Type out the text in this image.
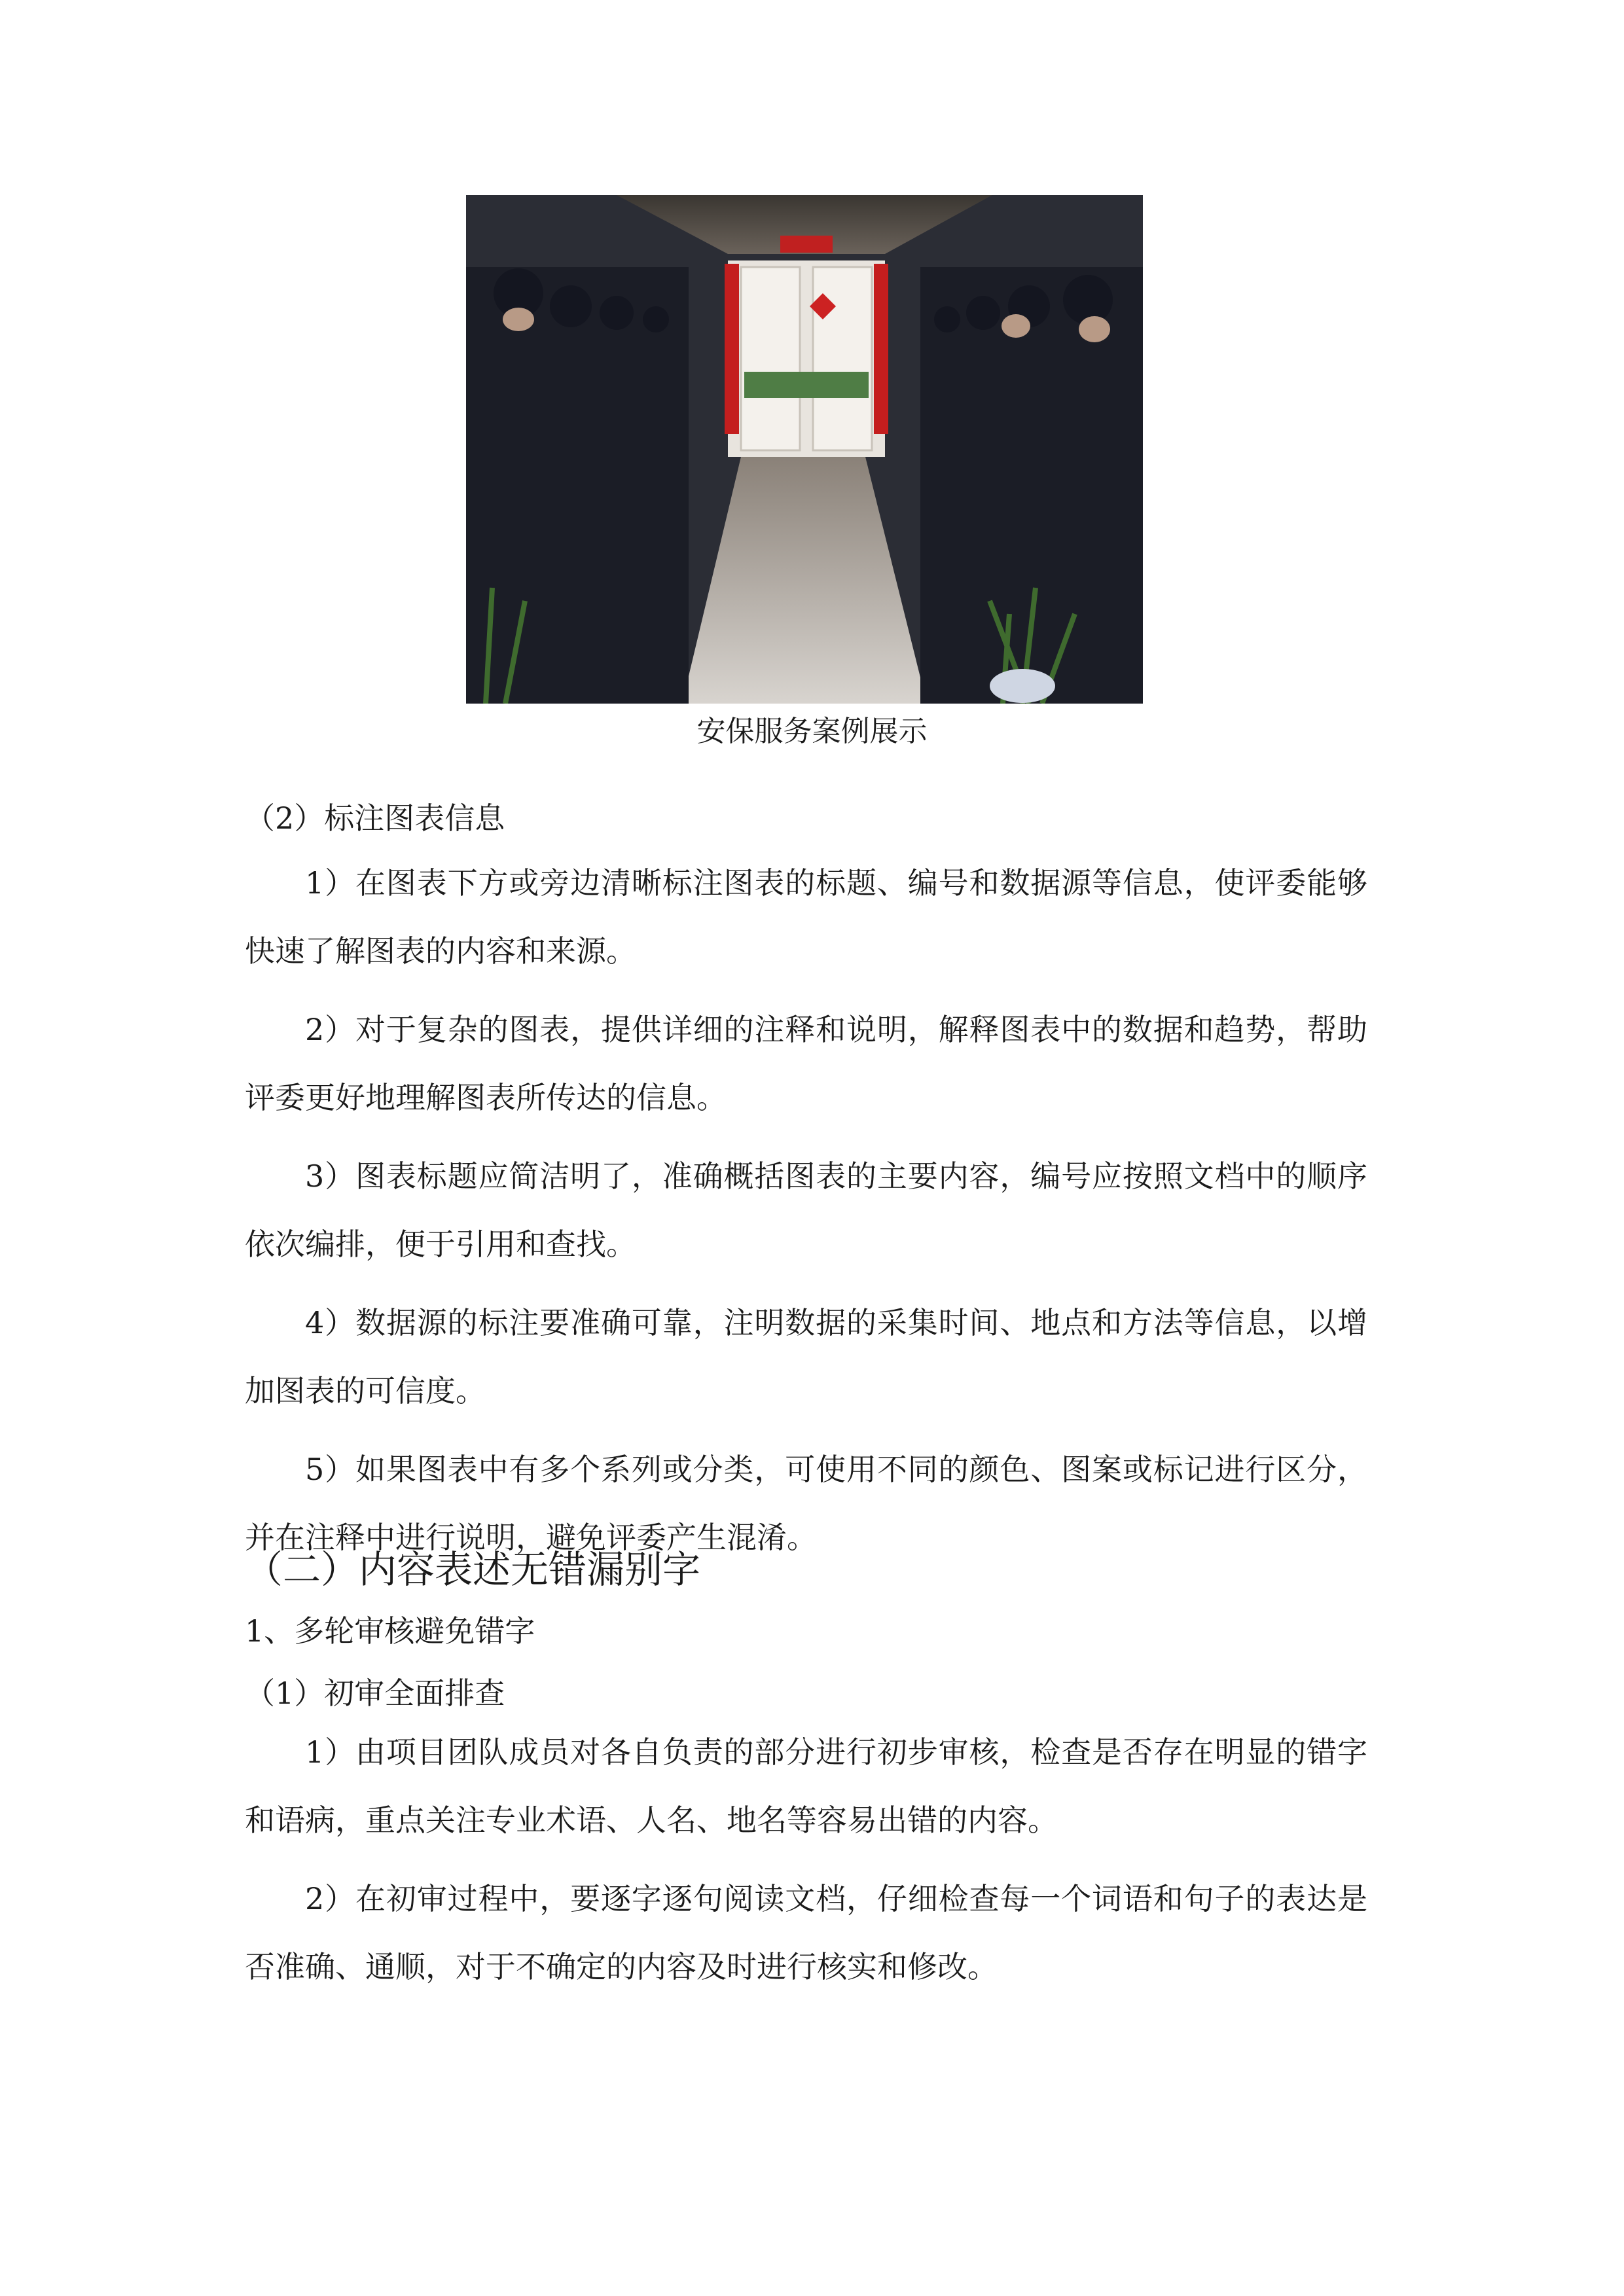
安保服务案例展示
（2）标注图表信息
1）在图表下方或旁边清晰标注图表的标题、编号和数据源等信息，使评委能够快速了解图表的内容和来源。
2）对于复杂的图表，提供详细的注释和说明，解释图表中的数据和趋势，帮助评委更好地理解图表所传达的信息。
3）图表标题应简洁明了，准确概括图表的主要内容，编号应按照文档中的顺序依次编排，便于引用和查找。
4）数据源的标注要准确可靠，注明数据的采集时间、地点和方法等信息，以增加图表的可信度。
5）如果图表中有多个系列或分类，可使用不同的颜色、图案或标记进行区分，并在注释中进行说明，避免评委产生混淆。
（二）内容表述无错漏别字
1、多轮审核避免错字
（1）初审全面排查
1）由项目团队成员对各自负责的部分进行初步审核，检查是否存在明显的错字和语病，重点关注专业术语、人名、地名等容易出错的内容。
2）在初审过程中，要逐字逐句阅读文档，仔细检查每一个词语和句子的表达是否准确、通顺，对于不确定的内容及时进行核实和修改。
